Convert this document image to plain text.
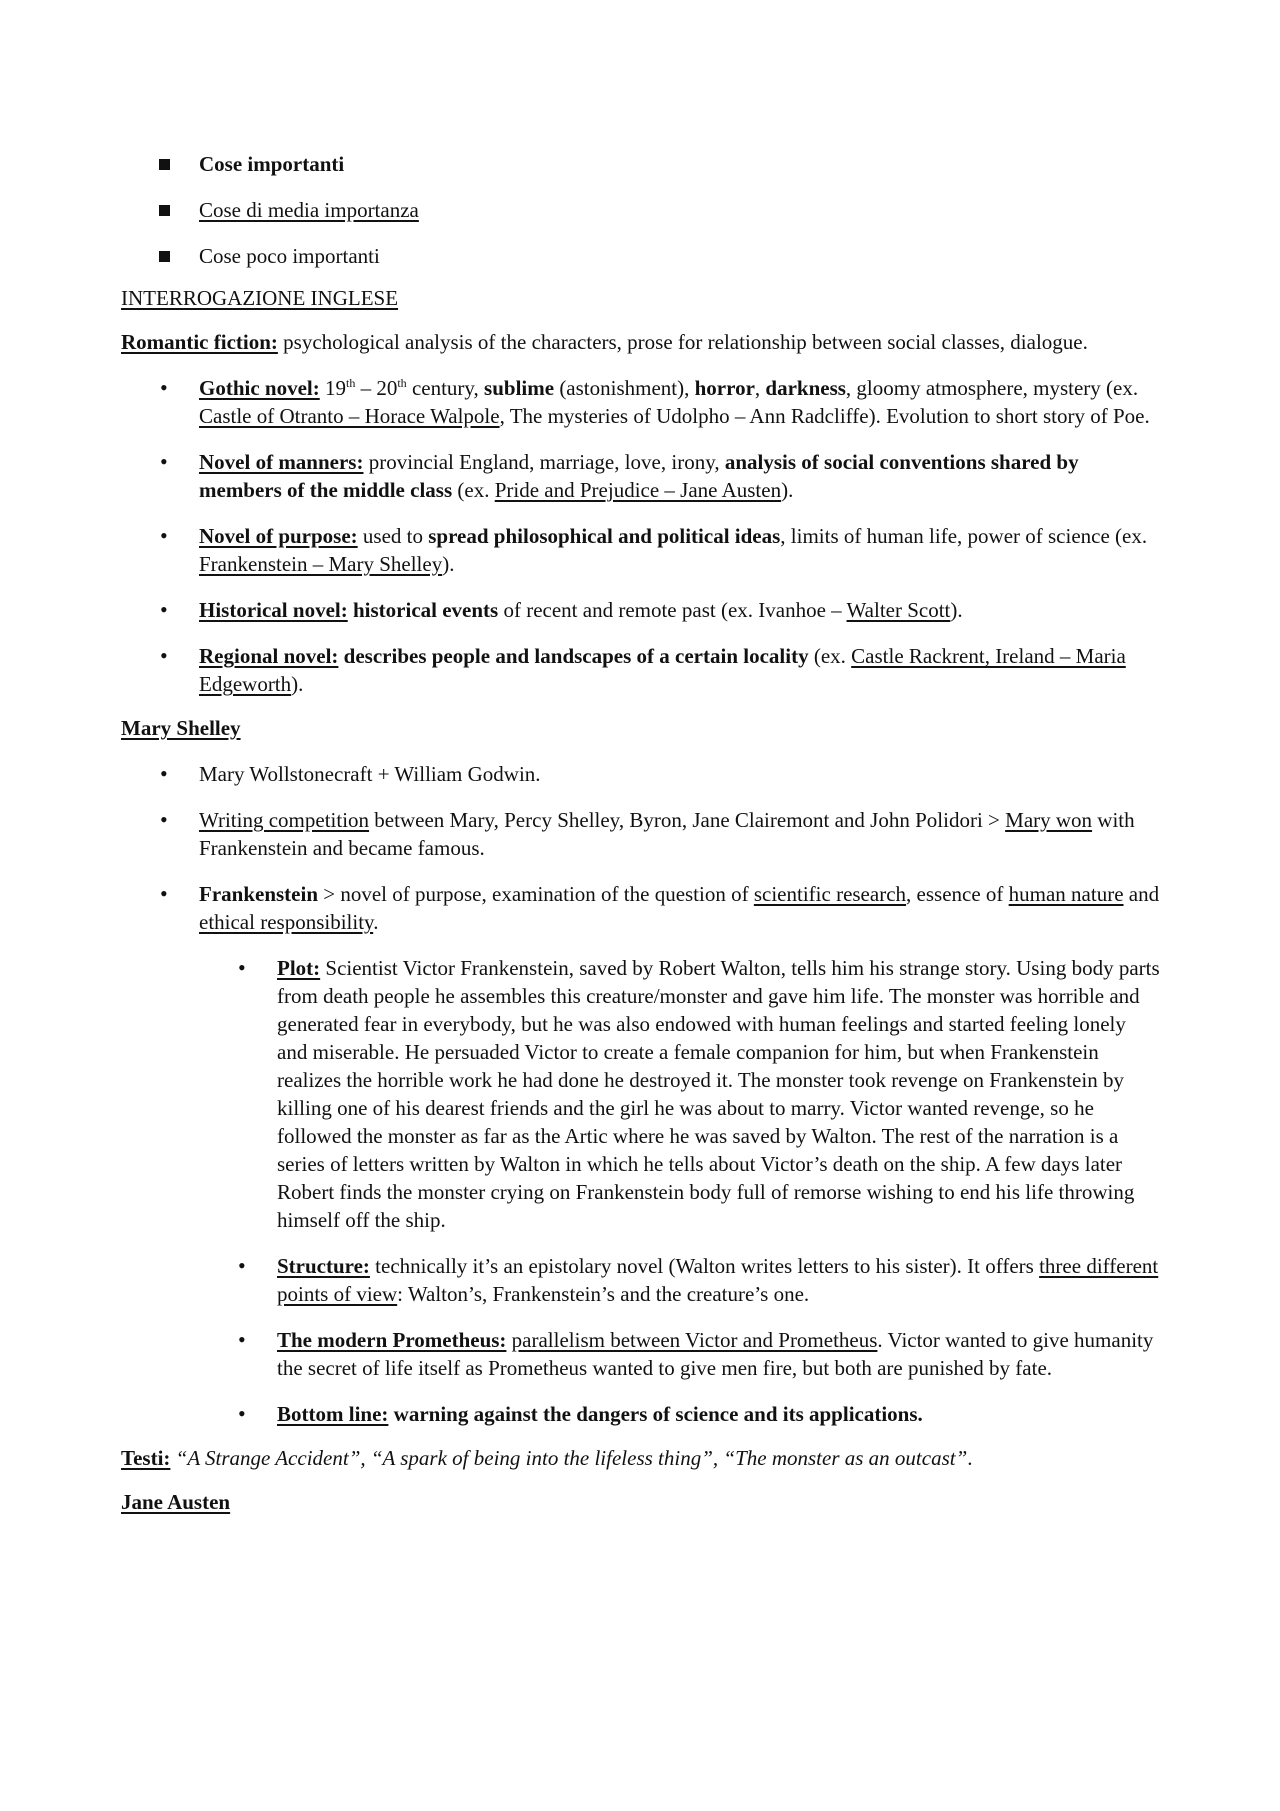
Cose importanti
Cose di media importanza
Cose poco importanti

INTERROGAZIONE INGLESE

Romantic fiction: psychological analysis of the characters, prose for relationship between social classes, dialogue.

• Gothic novel: 19th – 20th century, sublime (astonishment), horror, darkness, gloomy atmosphere, mystery (ex. Castle of Otranto – Horace Walpole, The mysteries of Udolpho – Ann Radcliffe). Evolution to short story of Poe.
• Novel of manners: provincial England, marriage, love, irony, analysis of social conventions shared by members of the middle class (ex. Pride and Prejudice – Jane Austen).
• Novel of purpose: used to spread philosophical and political ideas, limits of human life, power of science (ex. Frankenstein – Mary Shelley).
• Historical novel: historical events of recent and remote past (ex. Ivanhoe – Walter Scott).
• Regional novel: describes people and landscapes of a certain locality (ex. Castle Rackrent, Ireland – Maria Edgeworth).

Mary Shelley

• Mary Wollstonecraft + William Godwin.
• Writing competition between Mary, Percy Shelley, Byron, Jane Clairemont and John Polidori > Mary won with Frankenstein and became famous.
• Frankenstein > novel of purpose, examination of the question of scientific research, essence of human nature and ethical responsibility.
• Plot: Scientist Victor Frankenstein, saved by Robert Walton, tells him his strange story. Using body parts from death people he assembles this creature/monster and gave him life. The monster was horrible and generated fear in everybody, but he was also endowed with human feelings and started feeling lonely and miserable. He persuaded Victor to create a female companion for him, but when Frankenstein realizes the horrible work he had done he destroyed it. The monster took revenge on Frankenstein by killing one of his dearest friends and the girl he was about to marry. Victor wanted revenge, so he followed the monster as far as the Artic where he was saved by Walton. The rest of the narration is a series of letters written by Walton in which he tells about Victor’s death on the ship. A few days later Robert finds the monster crying on Frankenstein body full of remorse wishing to end his life throwing himself off the ship.
• Structure: technically it’s an epistolary novel (Walton writes letters to his sister). It offers three different points of view: Walton’s, Frankenstein’s and the creature’s one.
• The modern Prometheus: parallelism between Victor and Prometheus. Victor wanted to give humanity the secret of life itself as Prometheus wanted to give men fire, but both are punished by fate.
• Bottom line: warning against the dangers of science and its applications.

Testi: “A Strange Accident”, “A spark of being into the lifeless thing”, “The monster as an outcast”.

Jane Austen
